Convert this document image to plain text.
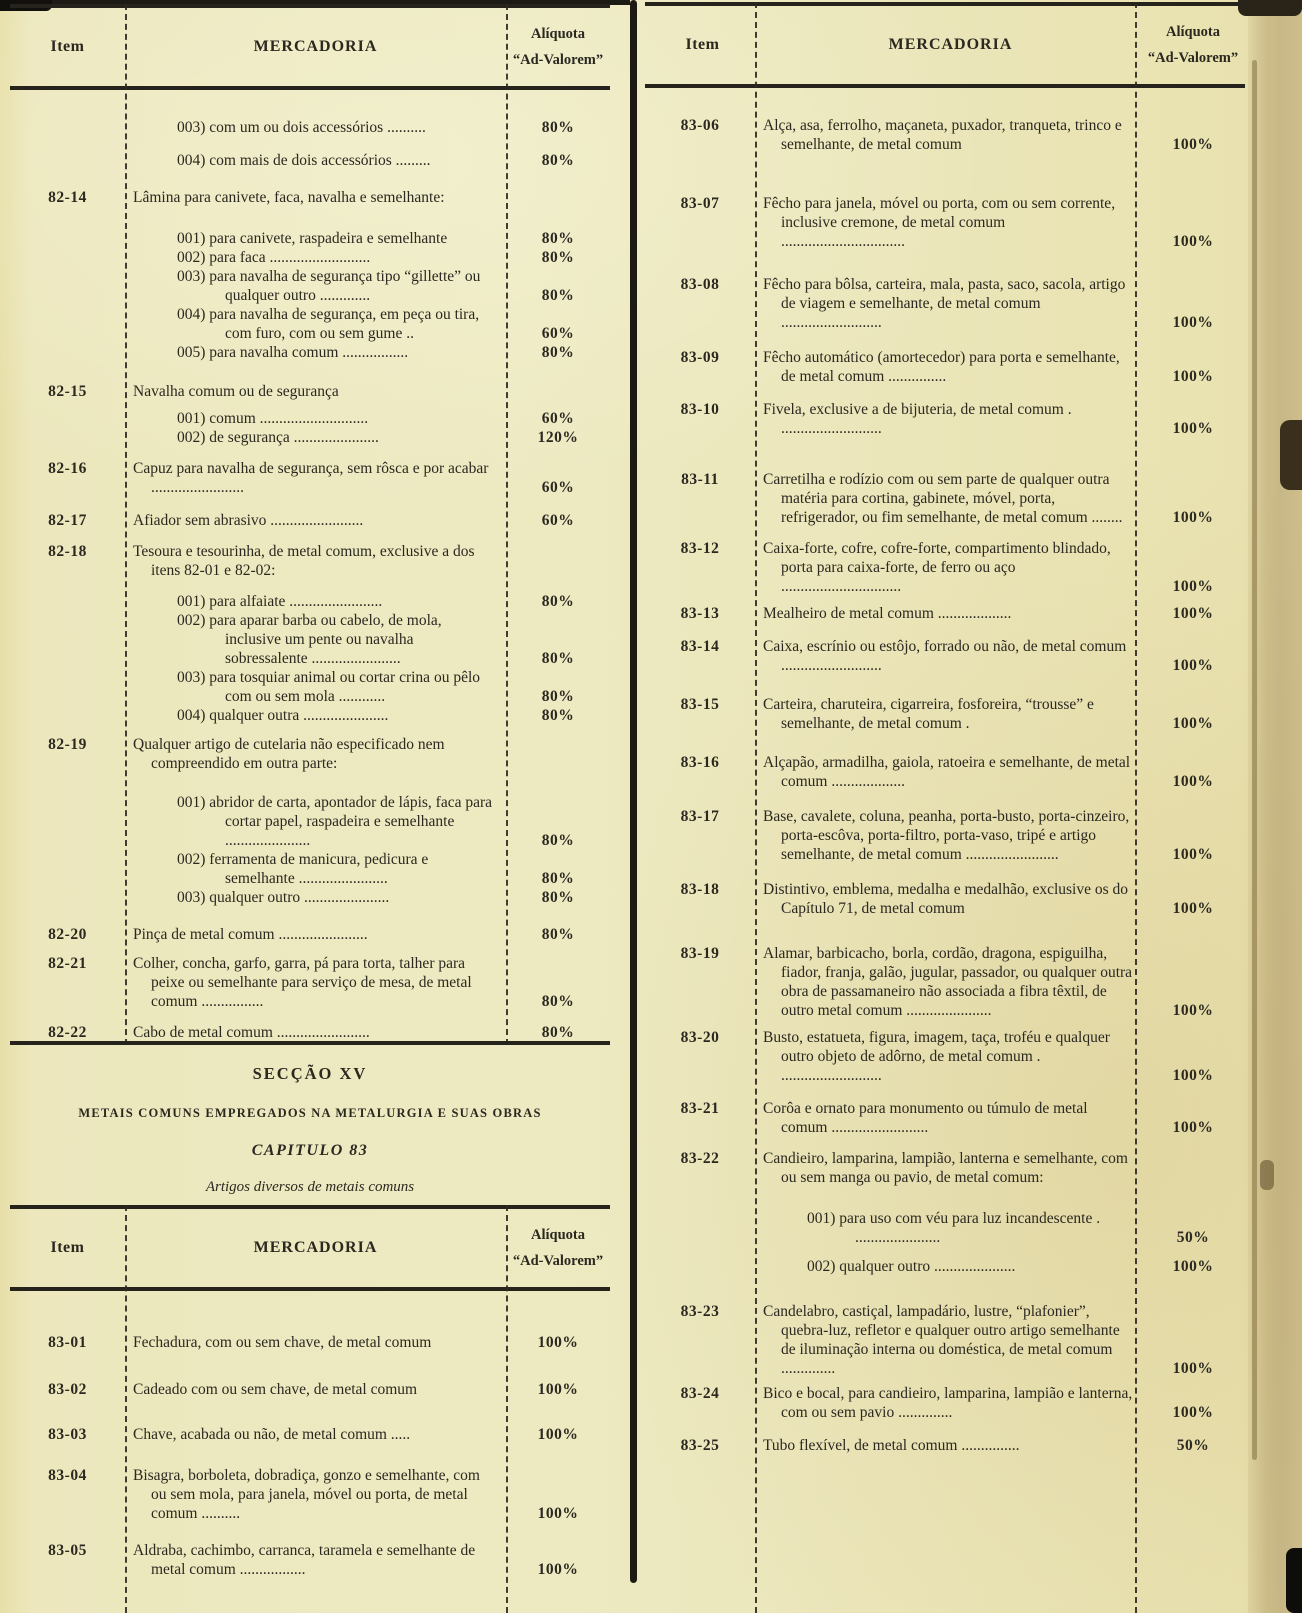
Item	MERCADORIA
Alíquota
“Ad-Valorem”
003) com um ou dois accessórios ..........	80%
004) com mais de dois accessórios .........	80%
82-14	Lâmina para canivete, faca, navalha e semelhante:
001) para canivete, raspadeira e semelhante	80%
002) para faca ..........................	80%
003) para navalha de segurança tipo “gillette” ou qualquer outro .............	80%
004) para navalha de segurança, em peça ou tira, com furo, com ou sem gume ..	60%
005) para navalha comum .................	80%
82-15	Navalha comum ou de segurança
001) comum ............................	60%
002) de segurança ......................	120%
82-16	Capuz para navalha de segurança, sem rôsca e por acabar ........................	60%
82-17	Afiador sem abrasivo ........................	60%
82-18	Tesoura e tesourinha, de metal comum, exclusive a dos itens 82-01 e 82-02:
001) para alfaiate ........................	80%
002) para aparar barba ou cabelo, de mola, inclusive um pente ou navalha sobressalente .......................	80%
003) para tosquiar animal ou cortar crina ou pêlo com ou sem mola ............	80%
004) qualquer outra ......................	80%
82-19	Qualquer artigo de cutelaria não especificado nem compreendido em outra parte:
001) abridor de carta, apontador de lápis, faca para cortar papel, raspadeira e semelhante ......................	80%
002) ferramenta de manicura, pedicura e semelhante .......................	80%
003) qualquer outro ......................	80%
82-20	Pinça de metal comum .......................	80%
82-21	Colher, concha, garfo, garra, pá para torta, talher para peixe ou semelhante para serviço de mesa, de metal comum ................	80%
82-22	Cabo de metal comum ........................	80%
SECÇÃO XV
METAIS COMUNS EMPREGADOS NA METALURGIA E SUAS OBRAS
CAPITULO 83
Artigos diversos de metais comuns
Item	MERCADORIA
Alíquota
“Ad-Valorem”
83-01	Fechadura, com ou sem chave, de metal comum	100%
83-02	Cadeado com ou sem chave, de metal comum	100%
83-03	Chave, acabada ou não, de metal comum .....	100%
83-04	Bisagra, borboleta, dobradiça, gonzo e semelhante, com ou sem mola, para janela, móvel ou porta, de metal comum ..........	100%
83-05	Aldraba, cachimbo, carranca, taramela e semelhante de metal comum .................	100%
Item	MERCADORIA
Alíquota
“Ad-Valorem”
83-06	Alça, asa, ferrolho, maçaneta, puxador, tranqueta, trinco e semelhante, de metal comum	100%
83-07	Fêcho para janela, móvel ou porta, com ou sem corrente, inclusive cremone, de metal comum ................................	100%
83-08	Fêcho para bôlsa, carteira, mala, pasta, saco, sacola, artigo de viagem e semelhante, de metal comum ..........................	100%
83-09	Fêcho automático (amortecedor) para porta e semelhante, de metal comum ...............	100%
83-10	Fivela, exclusive a de bijuteria, de metal comum . ..........................	100%
83-11	Carretilha e rodízio com ou sem parte de qualquer outra matéria para cortina, gabinete, móvel, porta, refrigerador, ou fim semelhante, de metal comum ........	100%
83-12	Caixa-forte, cofre, cofre-forte, compartimento blindado, porta para caixa-forte, de ferro ou aço ...............................	100%
83-13	Mealheiro de metal comum ...................	100%
83-14	Caixa, escrínio ou estôjo, forrado ou não, de metal comum ..........................	100%
83-15	Carteira, charuteira, cigarreira, fosforeira, “trousse” e semelhante, de metal comum .	100%
83-16	Alçapão, armadilha, gaiola, ratoeira e semelhante, de metal comum ...................	100%
83-17	Base, cavalete, coluna, peanha, porta-busto, porta-cinzeiro, porta-escôva, porta-filtro, porta-vaso, tripé e artigo semelhante, de metal comum ........................	100%
83-18	Distintivo, emblema, medalha e medalhão, exclusive os do Capítulo 71, de metal comum	100%
83-19	Alamar, barbicacho, borla, cordão, dragona, espiguilha, fiador, franja, galão, jugular, passador, ou qualquer outra obra de passamaneiro não associada a fibra têxtil, de outro metal comum ......................	100%
83-20	Busto, estatueta, figura, imagem, taça, troféu e qualquer outro objeto de adôrno, de metal comum . ..........................	100%
83-21	Corôa e ornato para monumento ou túmulo de metal comum .........................	100%
83-22	Candieiro, lamparina, lampião, lanterna e semelhante, com ou sem manga ou pavio, de metal comum:
001) para uso com véu para luz incandescente . ......................	50%
002) qualquer outro .....................	100%
83-23	Candelabro, castiçal, lampadário, lustre, “plafonier”, quebra-luz, refletor e qualquer outro artigo semelhante de iluminação interna ou doméstica, de metal comum ..............	100%
83-24	Bico e bocal, para candieiro, lamparina, lampião e lanterna, com ou sem pavio ..............	100%
83-25	Tubo flexível, de metal comum ...............	50%
